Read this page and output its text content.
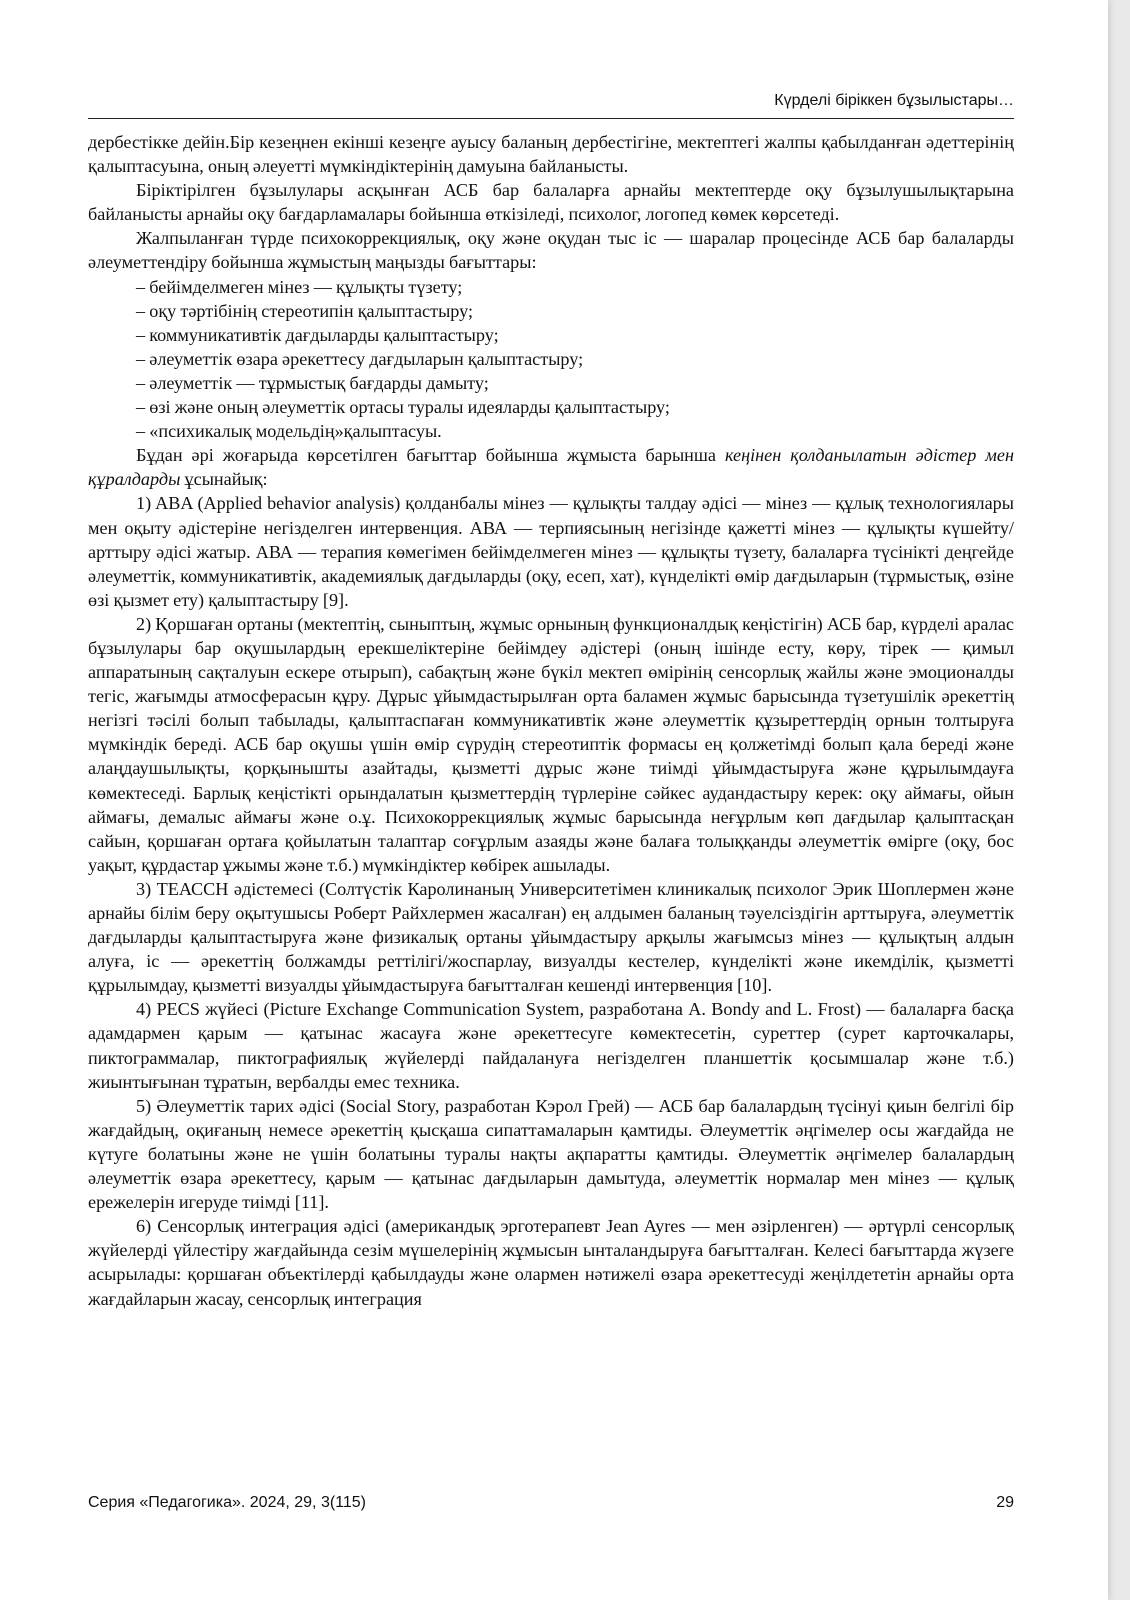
Күрделі біріккен бұзылыстары…

дербестікке дейін.Бір кезеңнен екінші кезеңге ауысу баланың дербестігіне, мектептегі жалпы қабылданған әдеттерінің қалыптасуына, оның әлеуетті мүмкіндіктерінің дамуына байланысты.

Біріктірілген бұзылулары асқынған АСБ бар балаларға арнайы мектептерде оқу бұзылушылықтарына байланысты арнайы оқу бағдарламалары бойынша өткізіледі, психолог, логопед көмек көрсетеді.

Жалпыланған түрде психокоррекциялық, оқу және оқудан тыс іс — шаралар процесінде АСБ бар балаларды әлеуметтендіру бойынша жұмыстың маңызды бағыттары:

– бейімделмеген мінез — құлықты түзету;
– оқу тәртібінің стереотипін қалыптастыру;
– коммуникативтік дағдыларды қалыптастыру;
– әлеуметтік өзара әрекеттесу дағдыларын қалыптастыру;
– әлеуметтік — тұрмыстық бағдарды дамыту;
– өзі және оның әлеуметтік ортасы туралы идеяларды қалыптастыру;
– «психикалық модельдің»қалыптасуы.

Бұдан әрі жоғарыда көрсетілген бағыттар бойынша жұмыста барынша кеңінен қолданылатын әдістер мен құралдарды ұсынайық:

1) ABA (Applied behavior analysis) қолданбалы мінез — құлықты талдау әдісі — мінез — құлық технологиялары мен оқыту әдістеріне негізделген интервенция. АВА — терпиясының негізінде қажетті мінез — құлықты күшейту/арттыру әдісі жатыр. АВА — терапия көмегімен бейімделмеген мінез — құлықты түзету, балаларға түсінікті деңгейде әлеуметтік, коммуникативтік, академиялық дағдыларды (оқу, есеп, хат), күнделікті өмір дағдыларын (тұрмыстық, өзіне өзі қызмет ету) қалыптастыру [9].

2) Қоршаған ортаны (мектептің, сыныптың, жұмыс орнының функционалдық кеңістігін) АСБ бар, күрделі аралас бұзылулары бар оқушылардың ерекшеліктеріне бейімдеу әдістері (оның ішінде есту, көру, тірек — қимыл аппаратының сақталуын ескере отырып), сабақтың және бүкіл мектеп өмірінің сенсорлық жайлы және эмоционалды тегіс, жағымды атмосферасын құру. Дұрыс ұйымдастырылған орта баламен жұмыс барысында түзетушілік әрекеттің негізгі тәсілі болып табылады, қалыптаспаған коммуникативтік және әлеуметтік құзыреттердің орнын толтыруға мүмкіндік береді. АСБ бар оқушы үшін өмір сүрудің стереотиптік формасы ең қолжетімді болып қала береді және алаңдаушылықты, қорқынышты азайтады, қызметті дұрыс және тиімді ұйымдастыруға және құрылымдауға көмектеседі. Барлық кеңістікті орындалатын қызметтердің түрлеріне сәйкес аудандастыру керек: оқу аймағы, ойын аймағы, демалыс аймағы және о.ұ. Психокоррекциялық жұмыс барысында неғұрлым көп дағдылар қалыптасқан сайын, қоршаған ортаға қойылатын талаптар соғұрлым азаяды және балаға толыққанды әлеуметтік өмірге (оқу, бос уақыт, құрдастар ұжымы және т.б.) мүмкіндіктер көбірек ашылады.

3) ТЕАССН әдістемесі (Солтүстік Каролинаның Университетімен клиникалық психолог Эрик Шоплермен және арнайы білім беру оқытушысы Роберт Райхлермен жасалған) ең алдымен баланың тәуелсіздігін арттыруға, әлеуметтік дағдыларды қалыптастыруға және физикалық ортаны ұйымдастыру арқылы жағымсыз мінез — құлықтың алдын алуға, іс — әрекеттің болжамды реттілігі/жоспарлау, визуалды кестелер, күнделікті және икемділік, қызметті құрылымдау, қызметті визуалды ұйымдастыруға бағытталған кешенді интервенция [10].

4) PECS жүйесі (Picture Exchange Communication System, разработана A. Bondy and L. Frost) — балаларға басқа адамдармен қарым — қатынас жасауға және әрекеттесуге көмектесетін, суреттер (сурет карточкалары, пиктограммалар, пиктографиялық жүйелерді пайдалануға негізделген планшеттік қосымшалар және т.б.) жиынтығынан тұратын, вербалды емес техника.

5) Әлеуметтік тарих әдісі (Social Story, разработан Кэрол Грей) — АСБ бар балалардың түсінуі қиын белгілі бір жағдайдың, оқиғаның немесе әрекеттің қысқаша сипаттамаларын қамтиды. Әлеуметтік әңгімелер осы жағдайда не күтуге болатыны және не үшін болатыны туралы нақты ақпаратты қамтиды. Әлеуметтік әңгімелер балалардың әлеуметтік өзара әрекеттесу, қарым — қатынас дағдыларын дамытуда, әлеуметтік нормалар мен мінез — құлық ережелерін игеруде тиімді [11].

6) Сенсорлық интеграция әдісі (американдық эрготерапевт Jean Ayres — мен әзірленген) — әртүрлі сенсорлық жүйелерді үйлестіру жағдайында сезім мүшелерінің жұмысын ынталандыруға бағытталған. Келесі бағыттарда жүзеге асырылады: қоршаған объектілерді қабылдауды және олармен нәтижелі өзара әрекеттесуді жеңілдететін арнайы орта жағдайларын жасау, сенсорлық интеграция

Серия «Педагогика». 2024, 29, 3(115)	29
